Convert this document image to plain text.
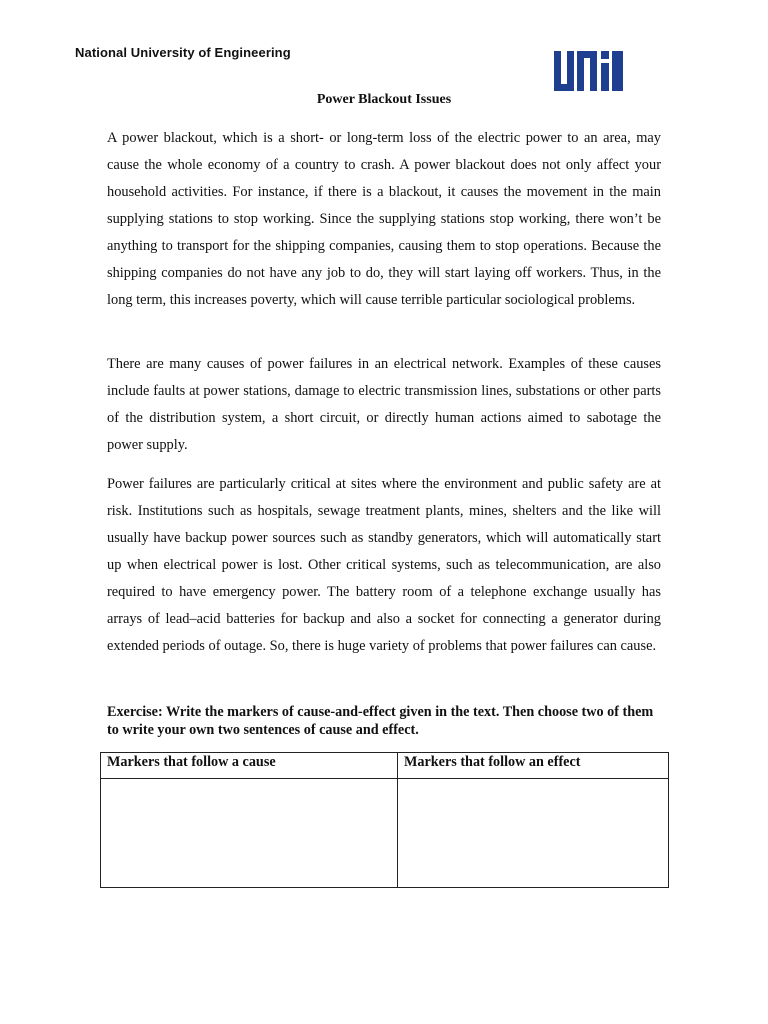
National University of Engineering
Power Blackout Issues

A power blackout, which is a short- or long-term loss of the electric power to an area, may cause the whole economy of a country to crash. A power blackout does not only affect your household activities. For instance, if there is a blackout, it causes the movement in the main supplying stations to stop working. Since the supplying stations stop working, there won’t be anything to transport for the shipping companies, causing them to stop operations. Because the shipping companies do not have any job to do, they will start laying off workers. Thus, in the long term, this increases poverty, which will cause terrible particular sociological problems.

There are many causes of power failures in an electrical network. Examples of these causes include faults at power stations, damage to electric transmission lines, substations or other parts of the distribution system, a short circuit, or directly human actions aimed to sabotage the power supply.

Power failures are particularly critical at sites where the environment and public safety are at risk. Institutions such as hospitals, sewage treatment plants, mines, shelters and the like will usually have backup power sources such as standby generators, which will automatically start up when electrical power is lost. Other critical systems, such as telecommunication, are also required to have emergency power. The battery room of a telephone exchange usually has arrays of lead–acid batteries for backup and also a socket for connecting a generator during extended periods of outage. So, there is huge variety of problems that power failures can cause.

Exercise: Write the markers of cause-and-effect given in the text. Then choose two of them to write your own two sentences of cause and effect.
Markers that follow a cause	Markers that follow an effect
